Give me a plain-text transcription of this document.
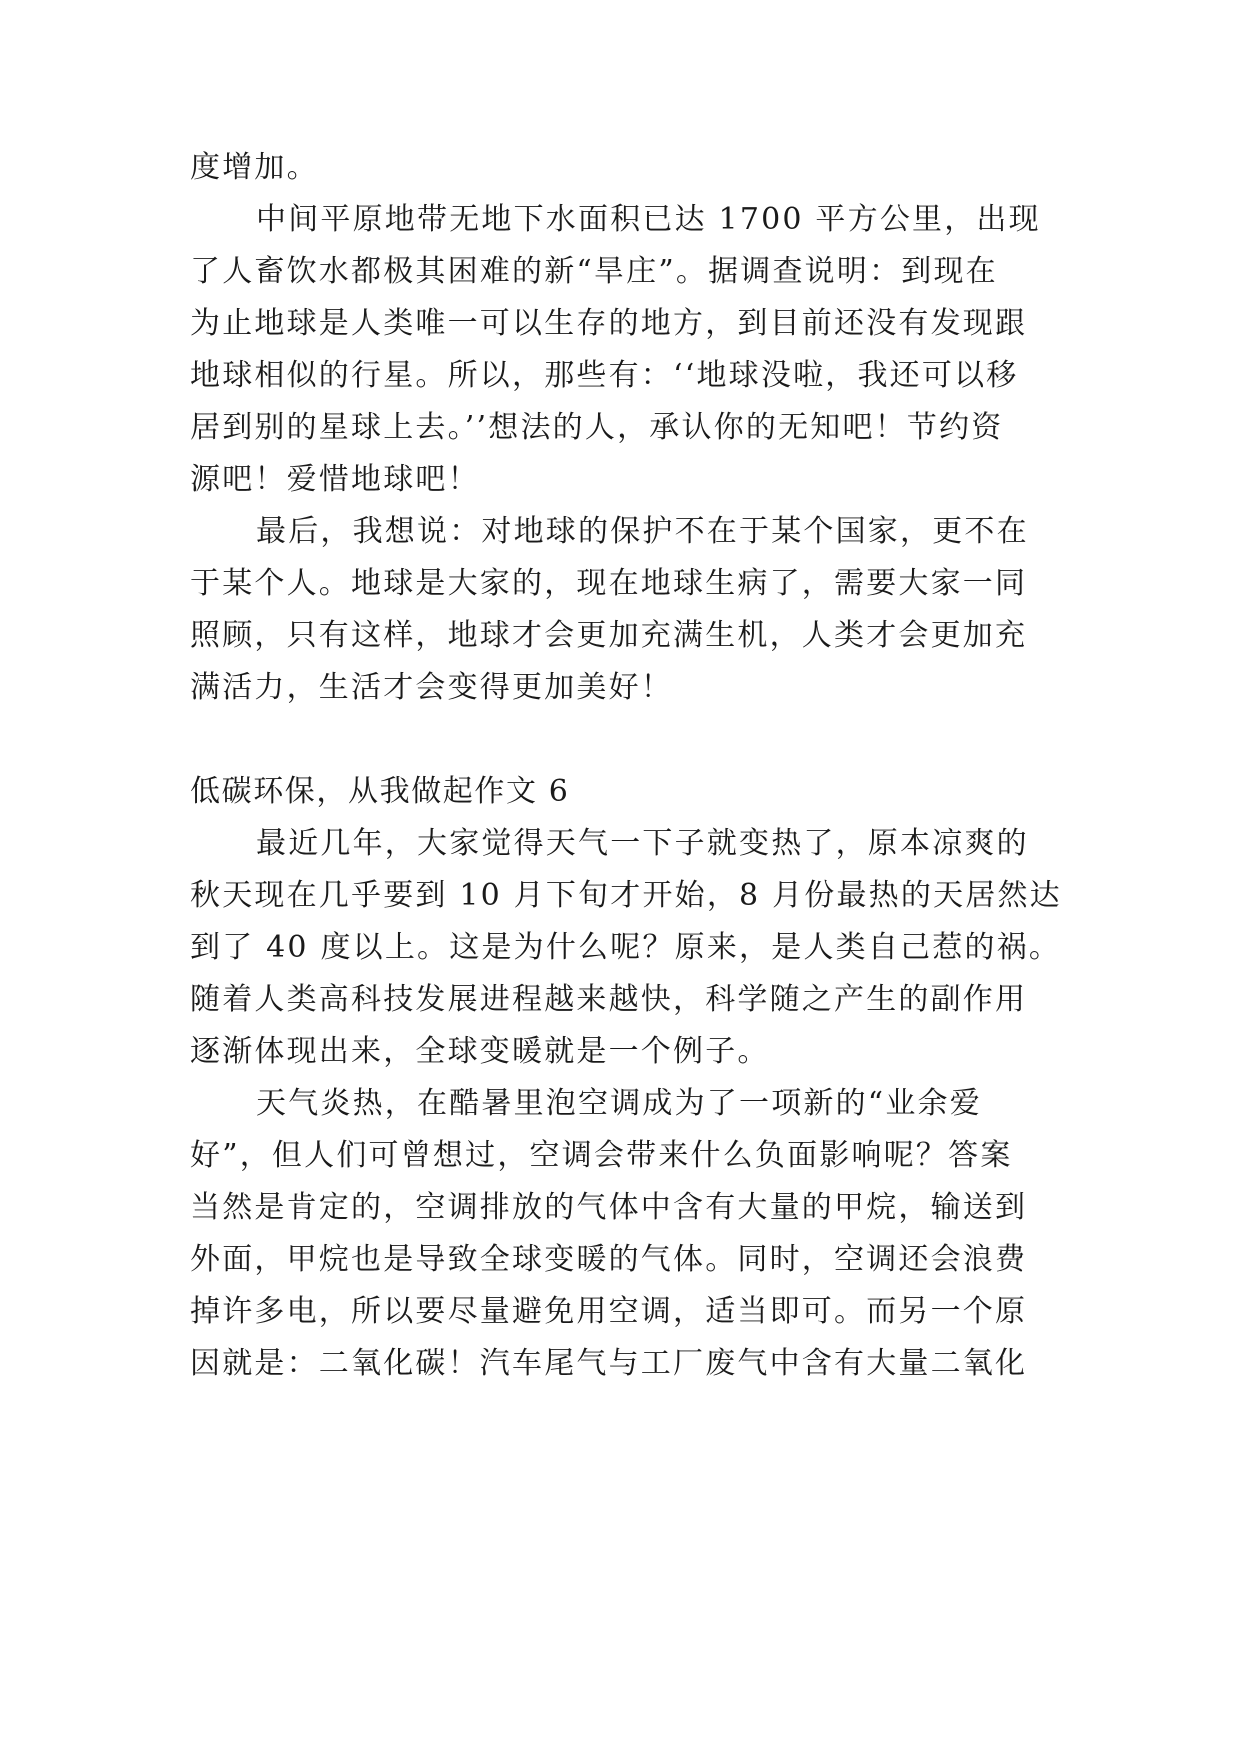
度增加。
中间平原地带无地下水面积已达 1700 平方公里，出现
了人畜饮水都极其困难的新“旱庄”。据调查说明：到现在
为止地球是人类唯一可以生存的地方，到目前还没有发现跟
地球相似的行星。所以，那些有：‘‘地球没啦，我还可以移
居到别的星球上去。’’想法的人，承认你的无知吧！节约资
源吧！爱惜地球吧！
最后，我想说：对地球的保护不在于某个国家，更不在
于某个人。地球是大家的，现在地球生病了，需要大家一同
照顾，只有这样，地球才会更加充满生机，人类才会更加充
满活力，生活才会变得更加美好！
低碳环保，从我做起作文 6
最近几年，大家觉得天气一下子就变热了，原本凉爽的
秋天现在几乎要到 10 月下旬才开始，8 月份最热的天居然达
到了 40 度以上。这是为什么呢？原来，是人类自己惹的祸。
随着人类高科技发展进程越来越快，科学随之产生的副作用
逐渐体现出来，全球变暖就是一个例子。
天气炎热，在酷暑里泡空调成为了一项新的“业余爱
好”，但人们可曾想过，空调会带来什么负面影响呢？答案
当然是肯定的，空调排放的气体中含有大量的甲烷，输送到
外面，甲烷也是导致全球变暖的气体。同时，空调还会浪费
掉许多电，所以要尽量避免用空调，适当即可。而另一个原
因就是：二氧化碳！汽车尾气与工厂废气中含有大量二氧化
